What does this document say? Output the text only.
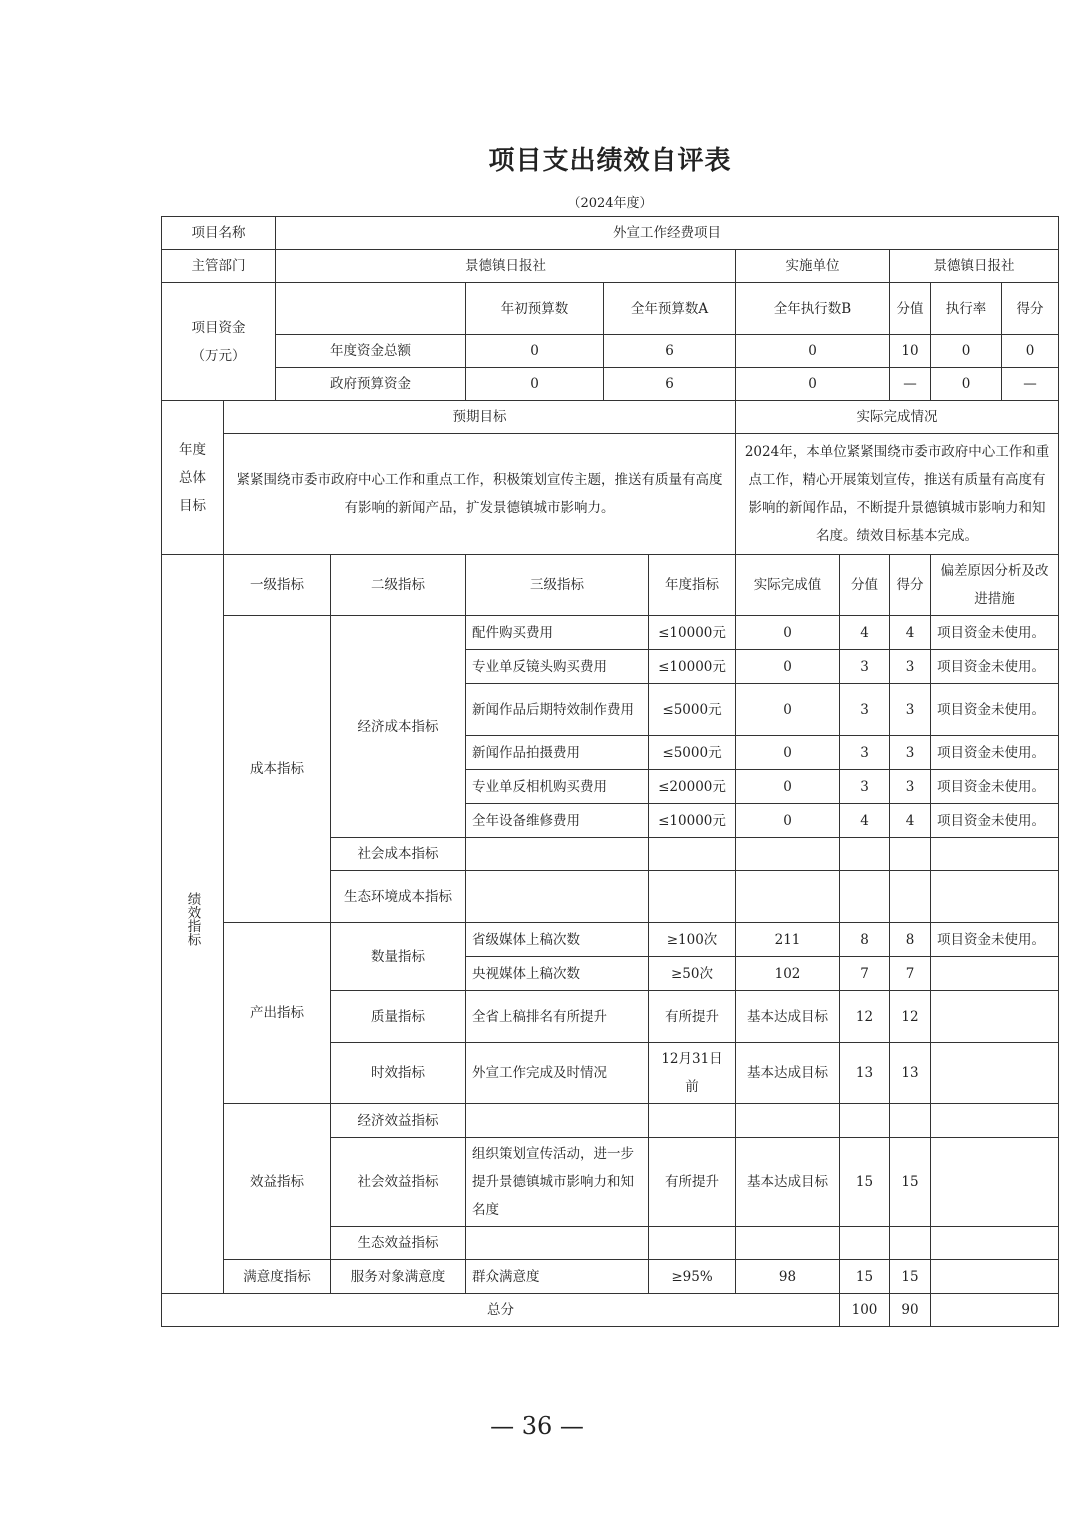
项目支出绩效自评表
（2024年度）
项目名称		外宣工作经费项目									
主管部门		景德镇日报社					实施单位		景德镇日报社		

项目资金
（万元）				年初预算数	全年预算数A		全年执行数B		分值	执行率	得分
		年度资金总额		0	6		0		10	0	0
		政府预算资金		0	6		0		—	0	—
年度总体目标	预期目标						实际完成情况				
	紧紧围绕市委市政府中心工作和重点工作，积极策划宣传主题，推送有质量有高度有影响的新闻产品，扩发景德镇城市影响力。						2024年，本单位紧紧围绕市委市政府中心工作和重点工作，精心开展策划宣传，推送有质量有高度有影响的新闻作品，不断提升景德镇城市影响力和知名度。绩效目标基本完成。				
绩效指标	一级指标		二级指标	三级指标		年度指标	实际完成值	分值	得分	偏差原因分析及改进措施	
	成本指标		经济成本指标	配件购买费用		≤10000元	0	4	4	项目资金未使用。	
				专业单反镜头购买费用		≤10000元	0	3	3	项目资金未使用。	
				新闻作品后期特效制作费用		≤5000元	0	3	3	项目资金未使用。	
				新闻作品拍摄费用		≤5000元	0	3	3	项目资金未使用。	
				专业单反相机购买费用		≤20000元	0	3	3	项目资金未使用。	
				全年设备维修费用		≤10000元	0	4	4	项目资金未使用。	
			社会成本指标								
			生态环境成本指标								
	产出指标		数量指标	省级媒体上稿次数		≥100次	211	8	8	项目资金未使用。	
				央视媒体上稿次数		≥50次	102	7	7		
			质量指标	全省上稿排名有所提升		有所提升	基本达成目标	12	12		
			时效指标	外宣工作完成及时情况		12月31日前	基本达成目标	13	13		
	效益指标		经济效益指标								
			社会效益指标	组织策划宣传活动，进一步提升景德镇城市影响力和知名度		有所提升	基本达成目标	15	15		
			生态效益指标								
	满意度指标		服务对象满意度	群众满意度		≥95%	98	15	15		
总分								100	90		
— 36 —
